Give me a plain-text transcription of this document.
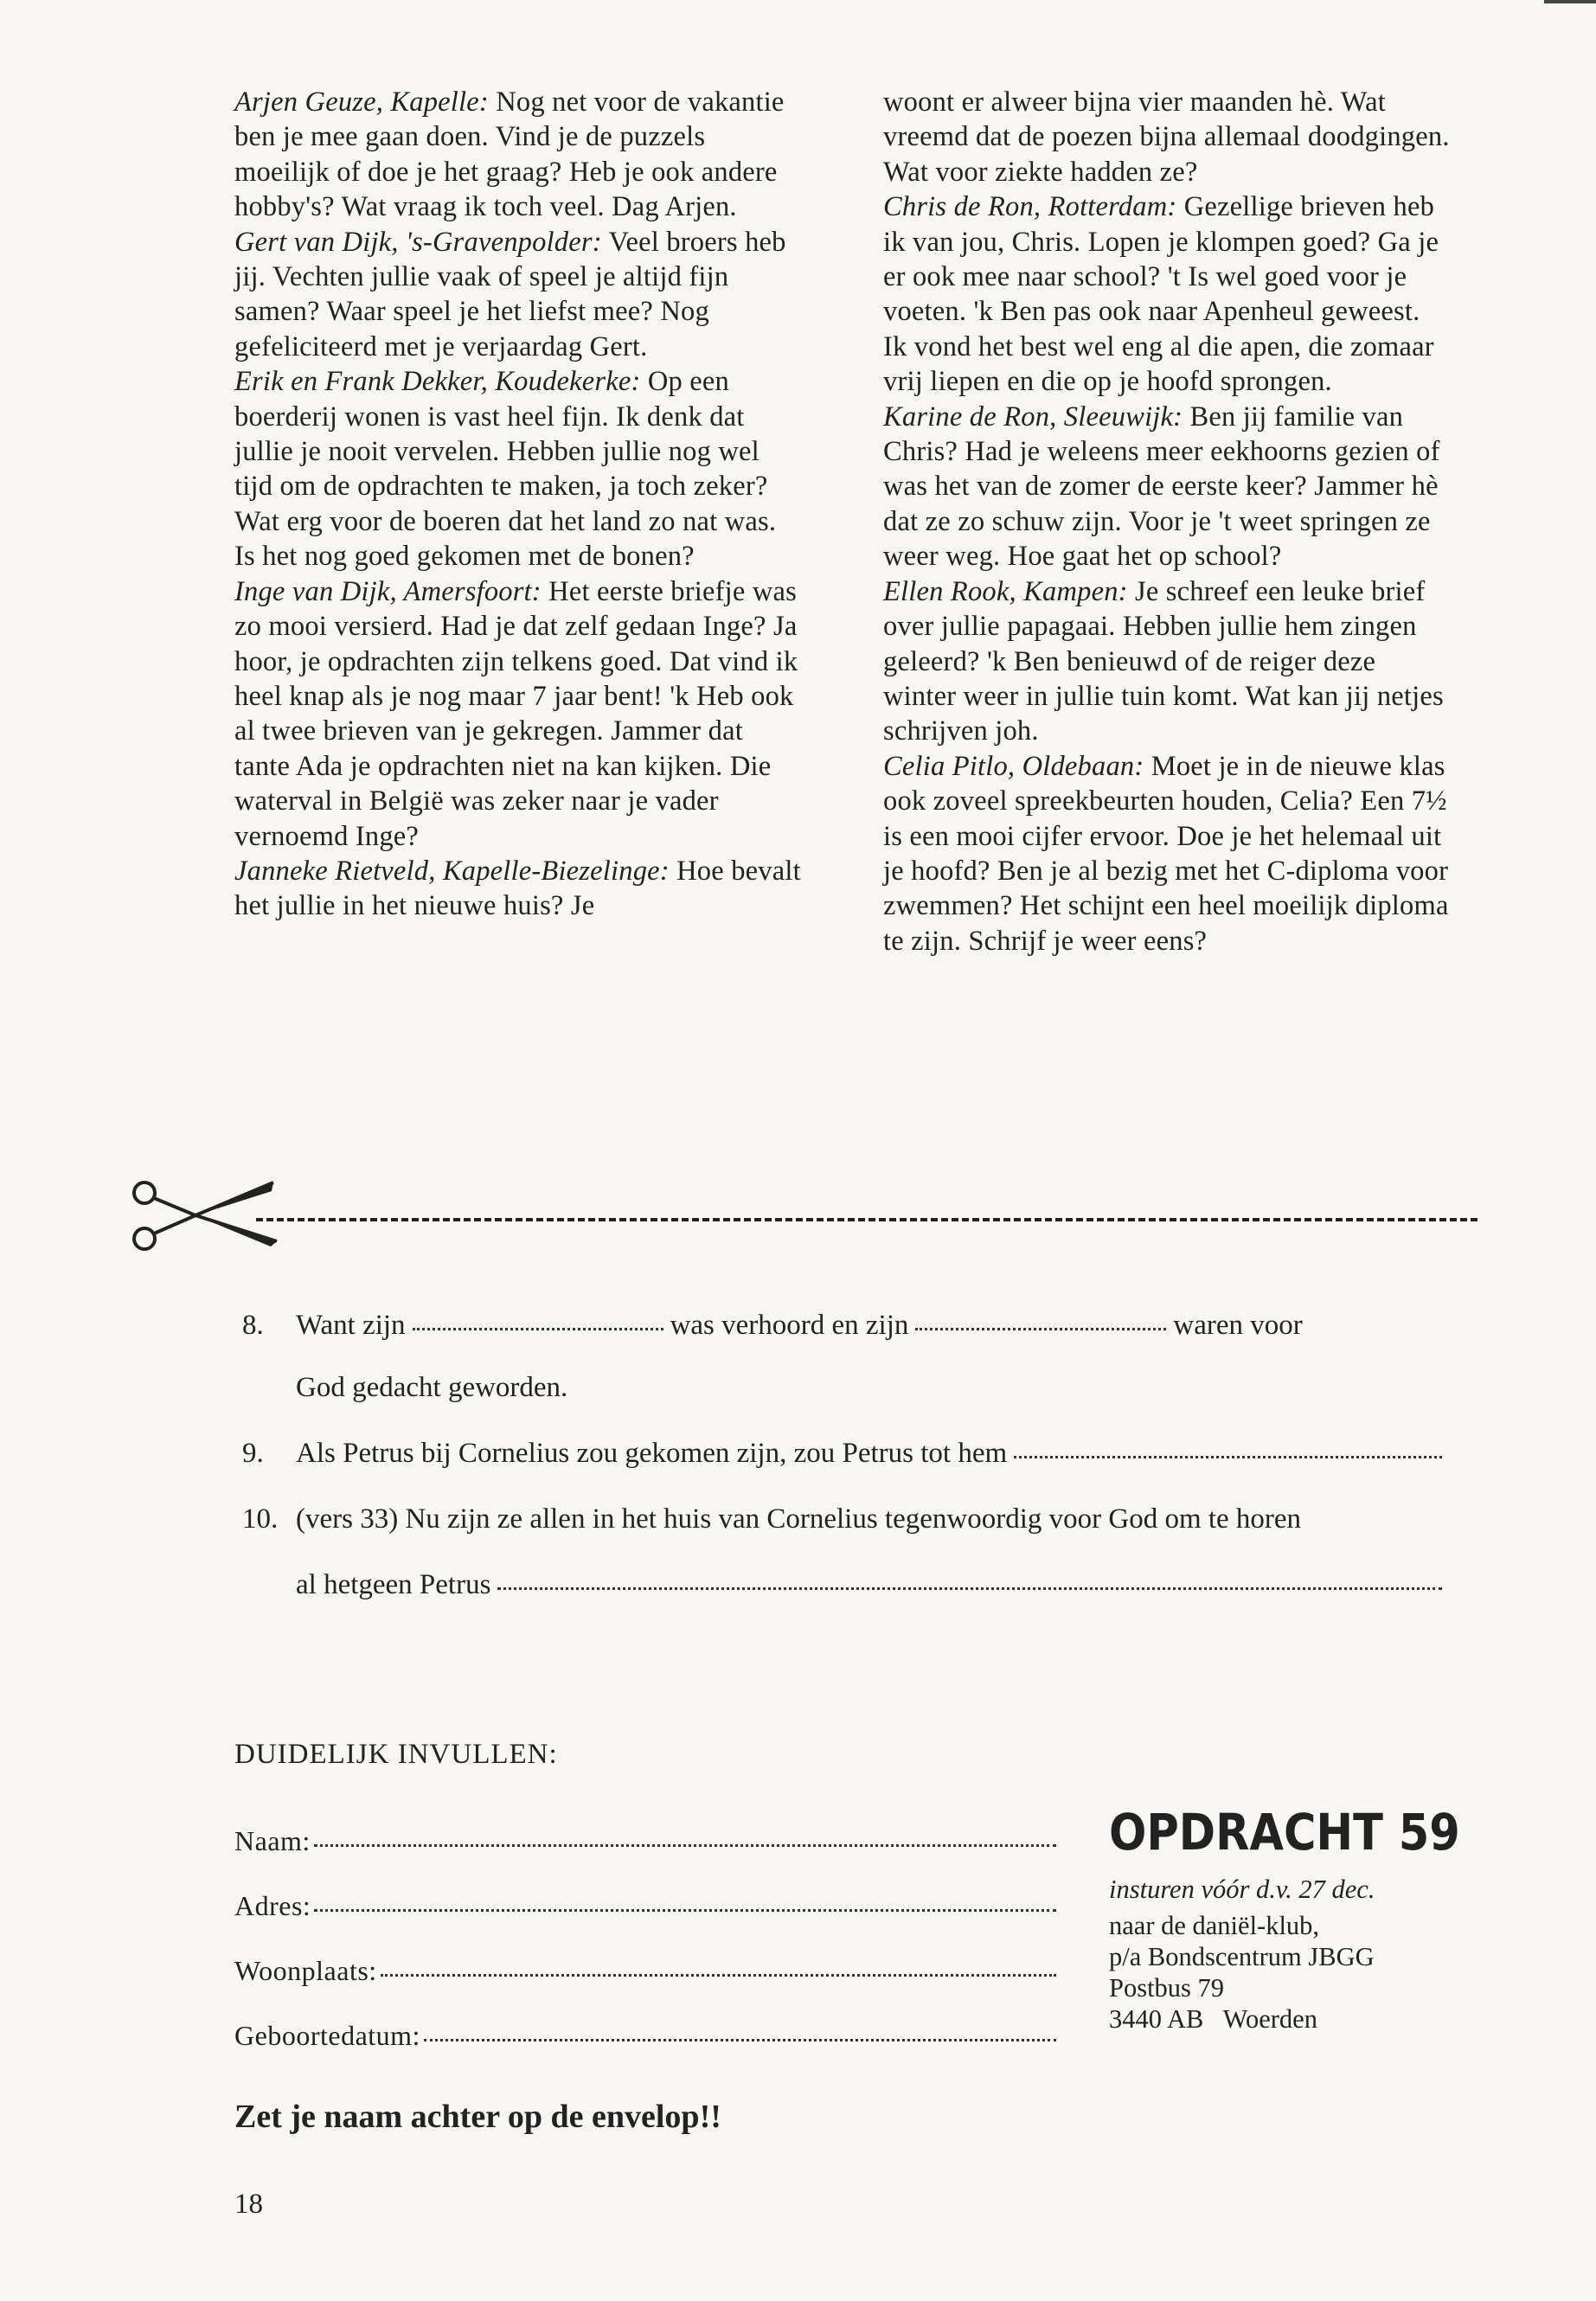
Arjen Geuze, Kapelle: Nog net voor de vakantie ben je mee gaan doen. Vind je de puzzels moeilijk of doe je het graag? Heb je ook andere hobby's? Wat vraag ik toch veel. Dag Arjen.

Gert van Dijk, 's-Gravenpolder: Veel broers heb jij. Vechten jullie vaak of speel je altijd fijn samen? Waar speel je het liefst mee? Nog gefeliciteerd met je verjaardag Gert.

Erik en Frank Dekker, Koudekerke: Op een boerderij wonen is vast heel fijn. Ik denk dat jullie je nooit vervelen. Hebben jullie nog wel tijd om de opdrachten te maken, ja toch zeker? Wat erg voor de boeren dat het land zo nat was. Is het nog goed gekomen met de bonen?

Inge van Dijk, Amersfoort: Het eerste briefje was zo mooi versierd. Had je dat zelf gedaan Inge? Ja hoor, je opdrachten zijn telkens goed. Dat vind ik heel knap als je nog maar 7 jaar bent! 'k Heb ook al twee brieven van je gekregen. Jammer dat tante Ada je opdrachten niet na kan kijken. Die waterval in België was zeker naar je vader vernoemd Inge?

Janneke Rietveld, Kapelle-Biezelinge: Hoe bevalt het jullie in het nieuwe huis? Je

woont er alweer bijna vier maanden hè. Wat vreemd dat de poezen bijna allemaal doodgingen. Wat voor ziekte hadden ze?

Chris de Ron, Rotterdam: Gezellige brieven heb ik van jou, Chris. Lopen je klompen goed? Ga je er ook mee naar school? 't Is wel goed voor je voeten. 'k Ben pas ook naar Apenheul geweest. Ik vond het best wel eng al die apen, die zomaar vrij liepen en die op je hoofd sprongen.

Karine de Ron, Sleeuwijk: Ben jij familie van Chris? Had je weleens meer eekhoorns gezien of was het van de zomer de eerste keer? Jammer hè dat ze zo schuw zijn. Voor je 't weet springen ze weer weg. Hoe gaat het op school?

Ellen Rook, Kampen: Je schreef een leuke brief over jullie papagaai. Hebben jullie hem zingen geleerd? 'k Ben benieuwd of de reiger deze winter weer in jullie tuin komt. Wat kan jij netjes schrijven joh.

Celia Pitlo, Oldebaan: Moet je in de nieuwe klas ook zoveel spreekbeurten houden, Celia? Een 7½ is een mooi cijfer ervoor. Doe je het helemaal uit je hoofd? Ben je al bezig met het C-diploma voor zwemmen? Het schijnt een heel moeilijk diploma te zijn. Schrijf je weer eens?

8.	Want zijn	was verhoord en zijn	waren voor
God gedacht geworden.
9.	Als Petrus bij Cornelius zou gekomen zijn, zou Petrus tot hem
10. (vers 33) Nu zijn ze allen in het huis van Cornelius tegenwoordig voor God om te horen
al hetgeen Petrus
DUIDELIJK INVULLEN:
Naam:
Adres:
Woonplaats:
Geboortedatum:
OPDRACHT 59
insturen vóór d.v. 27 dec.
naar de daniël-klub,
p/a Bondscentrum JBGG
Postbus 79
3440 AB   Woerden
Zet je naam achter op de envelop!!
18
